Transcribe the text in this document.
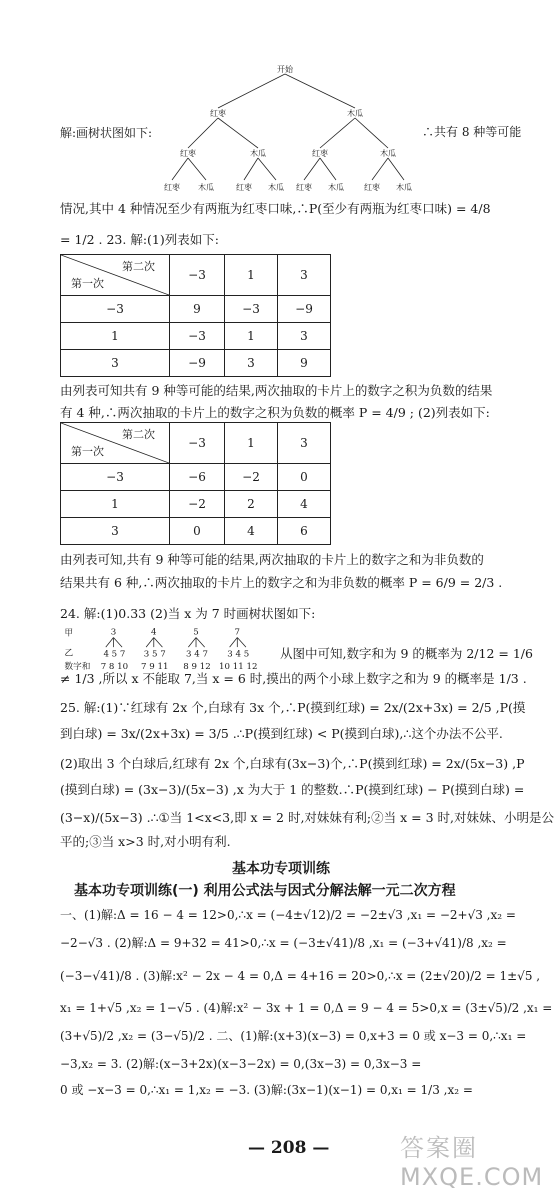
开始
红枣	木瓜
红枣	木瓜	红枣	木瓜
红枣 木瓜	红枣 木瓜 红枣 木瓜	红枣 木瓜
解:画树状图如下:	∴共有 8 种等可能
情况,其中 4 种情况至少有两瓶为红枣口味,∴P(至少有两瓶为红枣口味) = 4/8
= 1/2 . 23. 解:(1)列表如下:
第二次
第一次	−3	1	3
−3	9	−3	−9
1	−3	1	3
3	−9	3	9
由列表可知共有 9 种等可能的结果,两次抽取的卡片上的数字之积为负数的结果
有 4 种,∴两次抽取的卡片上的数字之积为负数的概率 P = 4/9 ; (2)列表如下:
第二次
第一次	−3	1	3
−3	−6	−2	0
1	−2	2	4
3	0	4	6
由列表可知,共有 9 种等可能的结果,两次抽取的卡片上的数字之和为非负数的
结果共有 6 种,∴两次抽取的卡片上的数字之和为非负数的概率 P = 6/9 = 2/3 .
24. 解:(1)0.33 (2)当 x 为 7 时画树状图如下:
甲
乙
数字和
3	4	5	7
4 5 7 3 5 7 3 4 7 3 4 5
7 8 10 7 9 11 8 9 12 10 11 12
从图中可知,数字和为 9 的概率为 2/12 = 1/6
≠ 1/3 ,所以 x 不能取 7,当 x = 6 时,摸出的两个小球上数字之和为 9 的概率是 1/3 .
25. 解:(1)∵红球有 2x 个,白球有 3x 个,∴P(摸到红球) = 2x/(2x+3x) = 2/5 ,P(摸
到白球) = 3x/(2x+3x) = 3/5 .∴P(摸到红球) < P(摸到白球),∴这个办法不公平.
(2)取出 3 个白球后,红球有 2x 个,白球有(3x−3)个,∴P(摸到红球) = 2x/(5x−3) ,P
(摸到白球) = (3x−3)/(5x−3) ,x 为大于 1 的整数.∴P(摸到红球) − P(摸到白球) =
(3−x)/(5x−3) .∴①当 1<x<3,即 x = 2 时,对妹妹有利;②当 x = 3 时,对妹妹、小明是公
平的;③当 x>3 时,对小明有利.
基本功专项训练
基本功专项训练(一) 利用公式法与因式分解法解一元二次方程
一、(1)解:Δ = 16 − 4 = 12>0,∴x = (−4±√12)/2 = −2±√3 ,x₁ = −2+√3 ,x₂ =
−2−√3 . (2)解:Δ = 9+32 = 41>0,∴x = (−3±√41)/8 ,x₁ = (−3+√41)/8 ,x₂ =
(−3−√41)/8 . (3)解:x² − 2x − 4 = 0,Δ = 4+16 = 20>0,∴x = (2±√20)/2 = 1±√5 ,
x₁ = 1+√5 ,x₂ = 1−√5 . (4)解:x² − 3x + 1 = 0,Δ = 9 − 4 = 5>0,x = (3±√5)/2 ,x₁ =
(3+√5)/2 ,x₂ = (3−√5)/2 . 二、(1)解:(x+3)(x−3) = 0,x+3 = 0 或 x−3 = 0,∴x₁ =
−3,x₂ = 3. (2)解:(x−3+2x)(x−3−2x) = 0,(3x−3) = 0,3x−3 =
0 或 −x−3 = 0,∴x₁ = 1,x₂ = −3. (3)解:(3x−1)(x−1) = 0,x₁ = 1/3 ,x₂ =
— 208 —	答案圈
MXQE.COM
